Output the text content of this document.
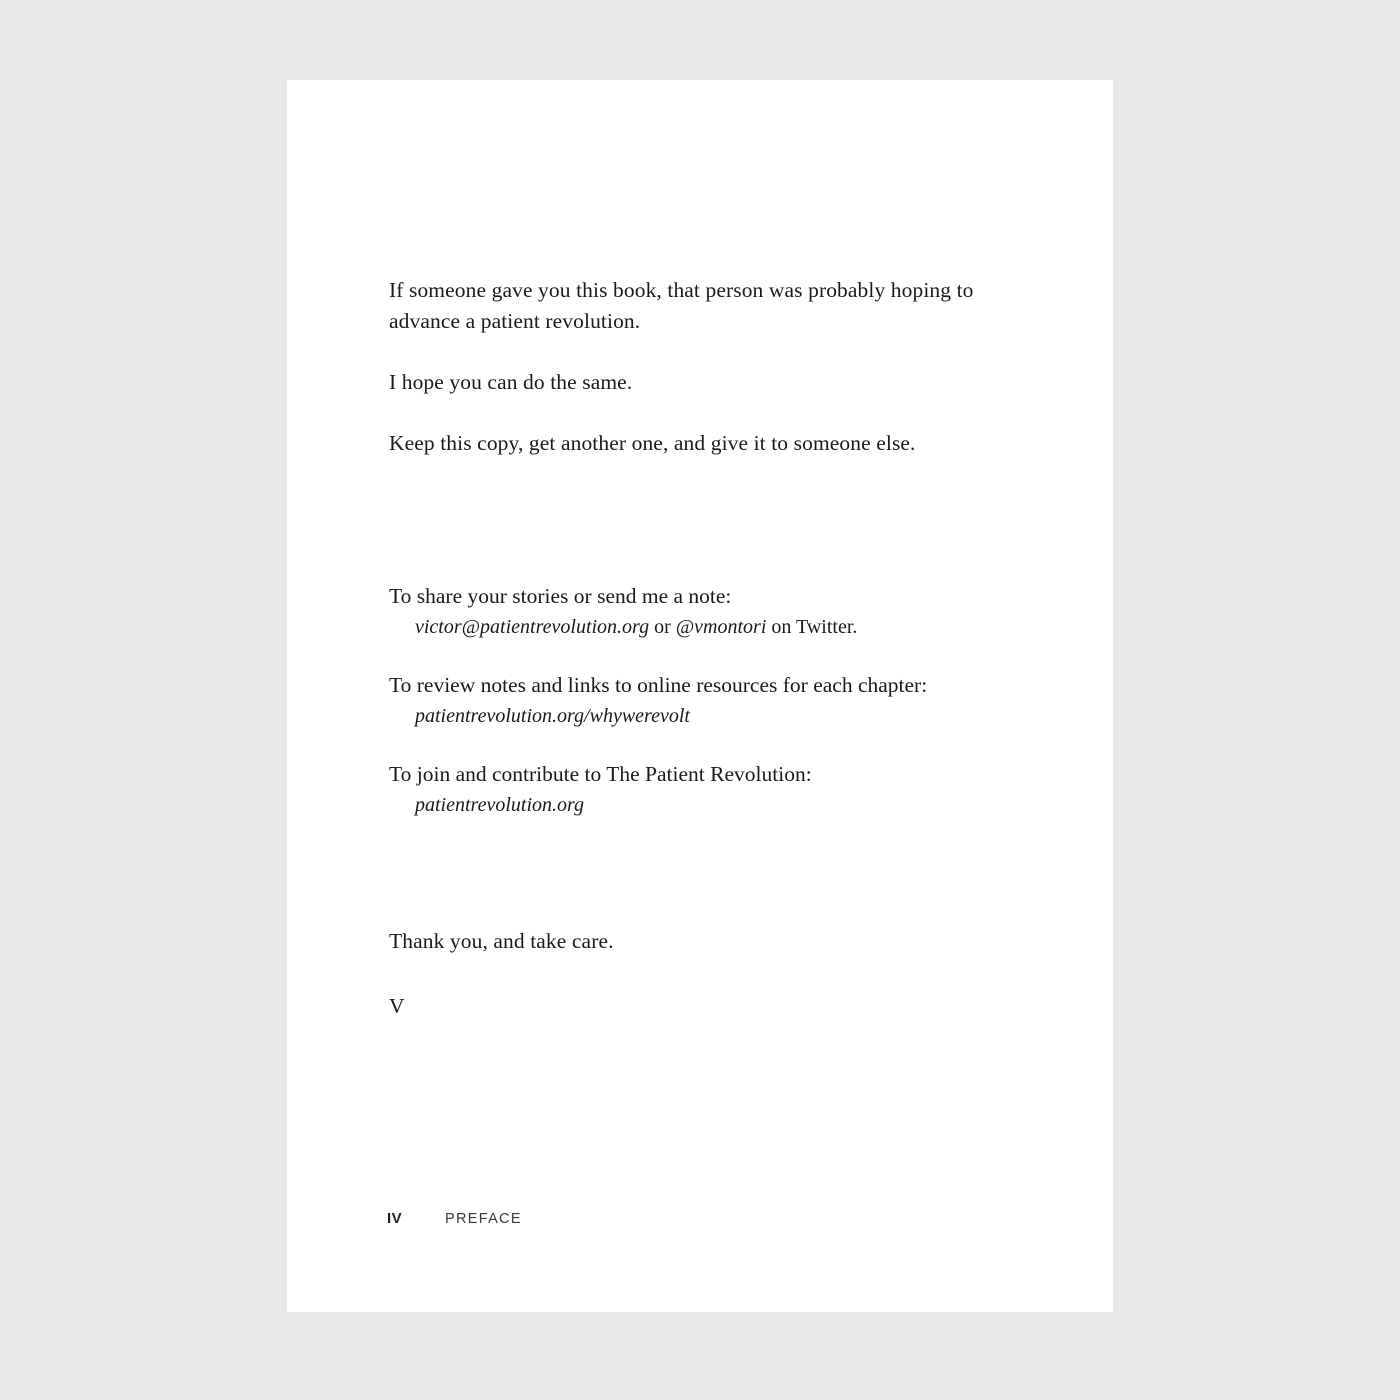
If someone gave you this book, that person was probably hoping to advance a patient revolution.

I hope you can do the same.

Keep this copy, get another one, and give it to someone else.

To share your stories or send me a note:

victor@patientrevolution.org or @vmontori on Twitter.

To review notes and links to online resources for each chapter:

patientrevolution.org/whywerevolt

To join and contribute to The Patient Revolution:

patientrevolution.org

Thank you, and take care.

V

IV	PREFACE
